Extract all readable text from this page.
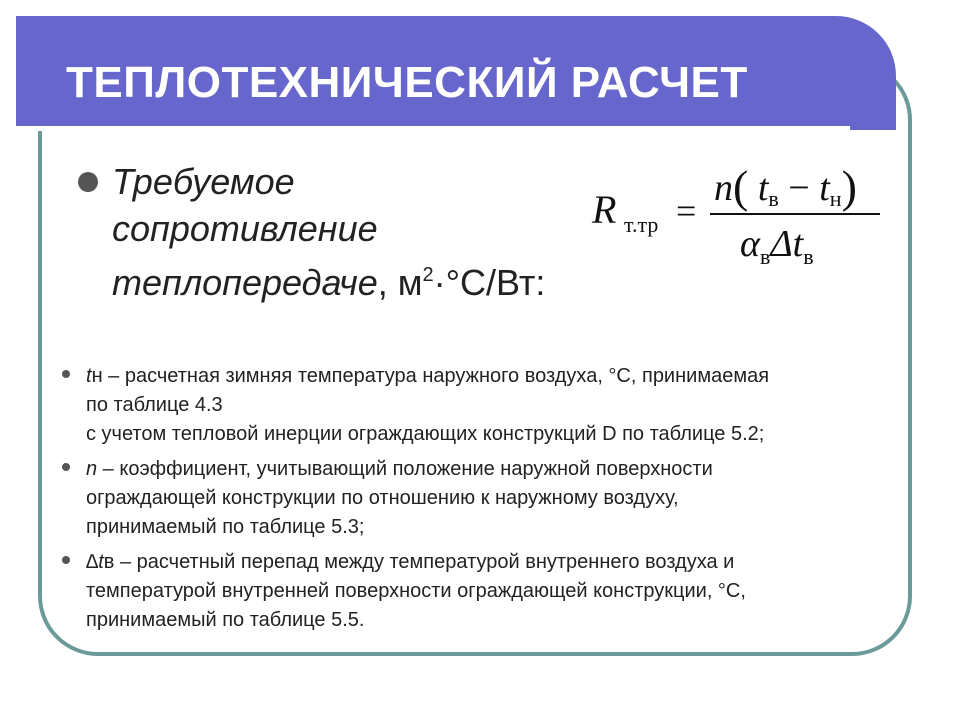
ТЕПЛОТЕХНИЧЕСКИЙ РАСЧЕТ
Требуемое
сопротивление
теплопередаче, $м^2\cdot^\circ С/Вт$:
R т.тр =
n( tв − tн)
$\alpha_в\Delta t_в$
tн – расчетная зимняя температура наружного воздуха, °С, принимаемая
по таблице 4.3
с учетом тепловой инерции ограждающих конструкций D по таблице 5.2;
n – коэффициент, учитывающий положение наружной поверхности
ограждающей конструкции по отношению к наружному воздуху,
принимаемый по таблице 5.3;
∆tв – расчетный перепад между температурой внутреннего воздуха и
температурой внутренней поверхности ограждающей конструкции, °С,
принимаемый по таблице 5.5.
